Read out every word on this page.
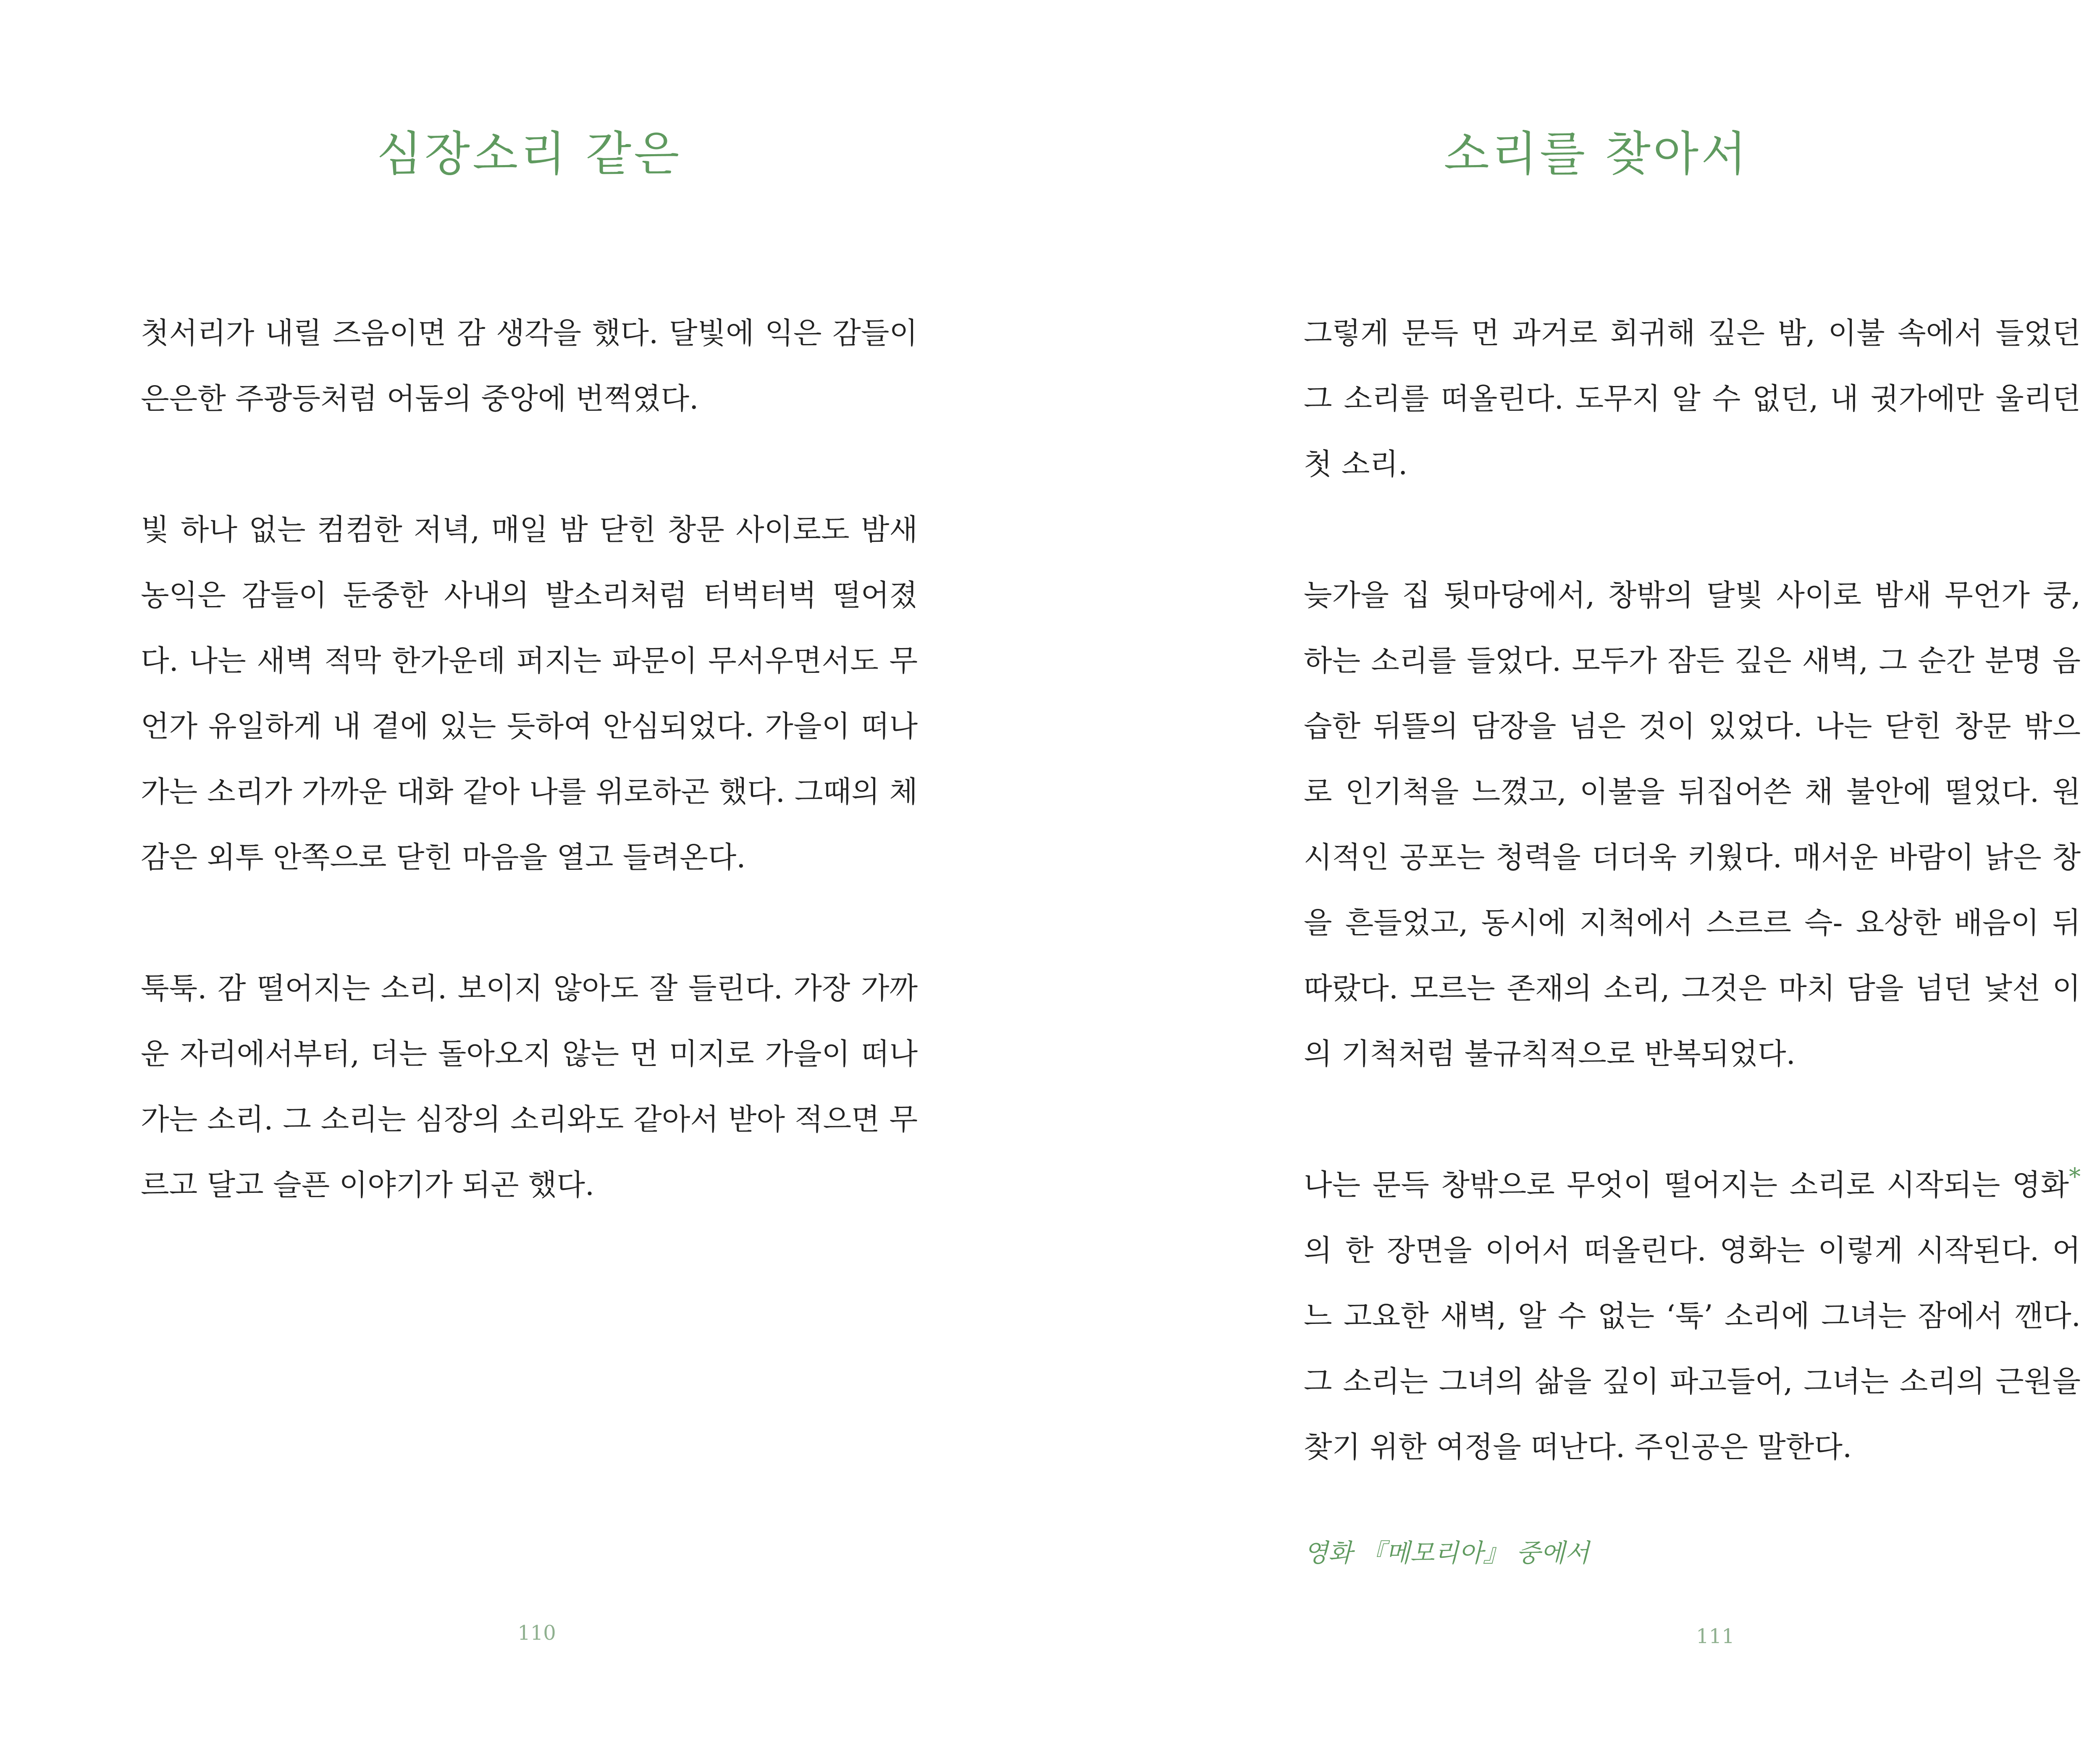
심장소리 같은
첫서리가 내릴 즈음이면 감 생각을 했다. 달빛에 익은 감들이
은은한 주광등처럼 어둠의 중앙에 번쩍였다.
빛 하나 없는 컴컴한 저녁, 매일 밤 닫힌 창문 사이로도 밤새
농익은 감들이 둔중한 사내의 발소리처럼 터벅터벅 떨어졌
다. 나는 새벽 적막 한가운데 퍼지는 파문이 무서우면서도 무
언가 유일하게 내 곁에 있는 듯하여 안심되었다. 가을이 떠나
가는 소리가 가까운 대화 같아 나를 위로하곤 했다. 그때의 체
감은 외투 안쪽으로 닫힌 마음을 열고 들려온다.
툭툭. 감 떨어지는 소리. 보이지 않아도 잘 들린다. 가장 가까
운 자리에서부터, 더는 돌아오지 않는 먼 미지로 가을이 떠나
가는 소리. 그 소리는 심장의 소리와도 같아서 받아 적으면 무
르고 달고 슬픈 이야기가 되곤 했다.
110
소리를 찾아서
그렇게 문득 먼 과거로 회귀해 깊은 밤, 이불 속에서 들었던
그 소리를 떠올린다. 도무지 알 수 없던, 내 귓가에만 울리던
첫 소리.
늦가을 집 뒷마당에서, 창밖의 달빛 사이로 밤새 무언가 쿵,
하는 소리를 들었다. 모두가 잠든 깊은 새벽, 그 순간 분명 음
습한 뒤뜰의 담장을 넘은 것이 있었다. 나는 닫힌 창문 밖으
로 인기척을 느꼈고, 이불을 뒤집어쓴 채 불안에 떨었다. 원
시적인 공포는 청력을 더더욱 키웠다. 매서운 바람이 낡은 창
을 흔들었고, 동시에 지척에서 스르르 슥- 요상한 배음이 뒤
따랐다. 모르는 존재의 소리, 그것은 마치 담을 넘던 낯선 이
의 기척처럼 불규칙적으로 반복되었다.
나는 문득 창밖으로 무엇이 떨어지는 소리로 시작되는 영화*
의 한 장면을 이어서 떠올린다. 영화는 이렇게 시작된다. 어
느 고요한 새벽, 알 수 없는 ‘툭’ 소리에 그녀는 잠에서 깬다.
그 소리는 그녀의 삶을 깊이 파고들어, 그녀는 소리의 근원을
찾기 위한 여정을 떠난다. 주인공은 말한다.
영화 『메모리아』 중에서
111
